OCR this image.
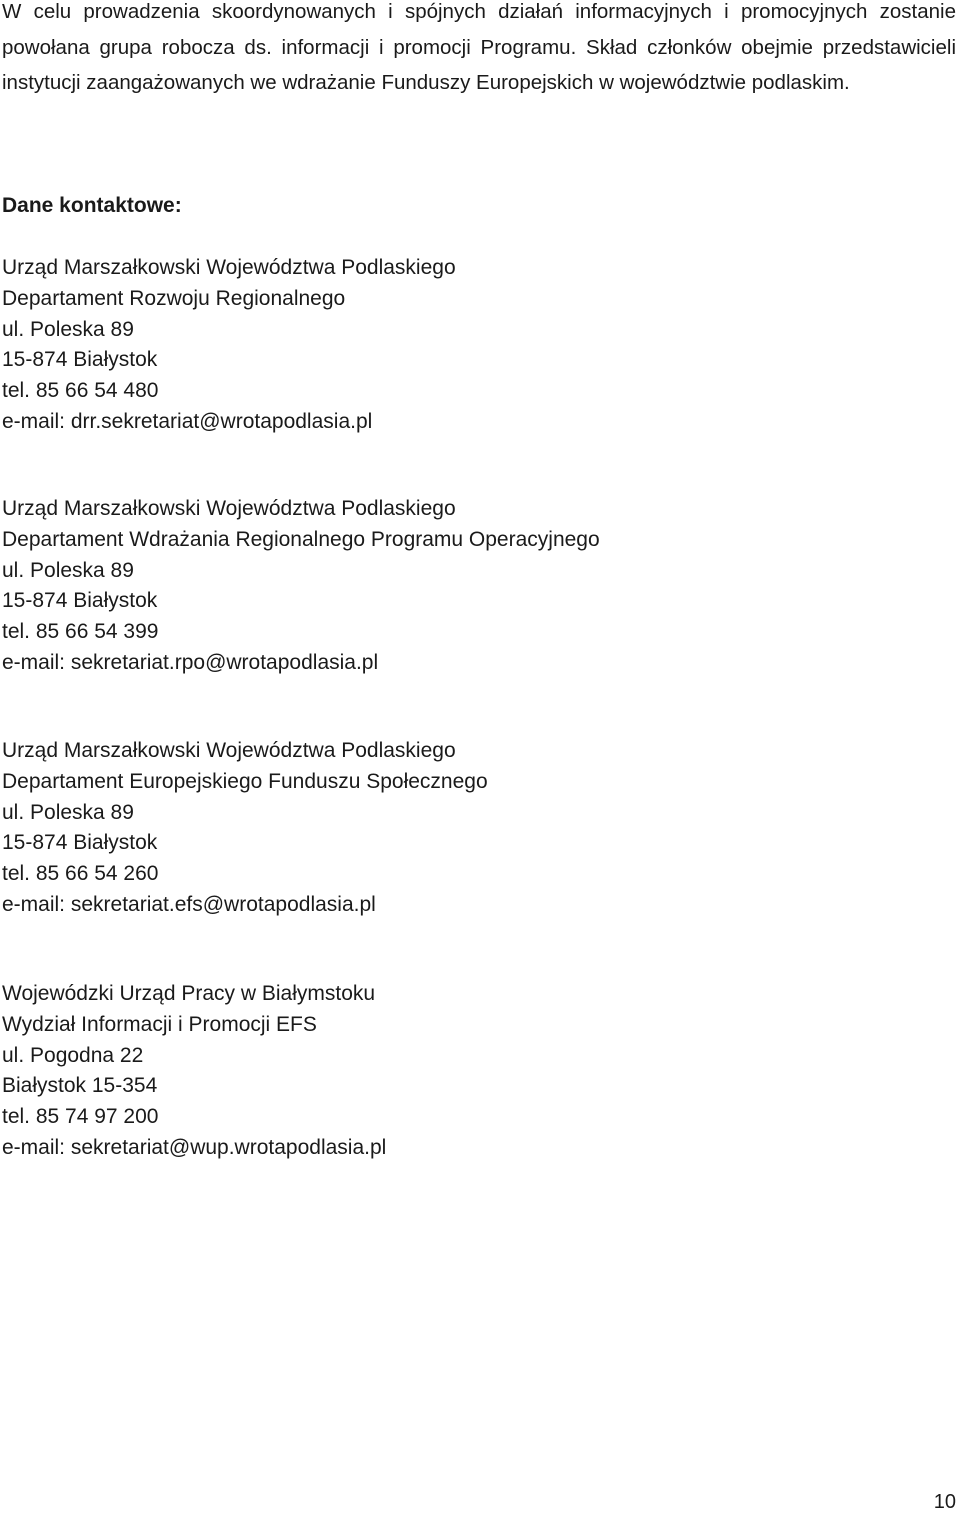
W celu prowadzenia skoordynowanych i spójnych działań informacyjnych i promocyjnych zostanie powołana grupa robocza ds. informacji i promocji Programu. Skład członków obejmie przedstawicieli instytucji zaangażowanych we wdrażanie Funduszy Europejskich w województwie podlaskim.

Dane kontaktowe:

Urząd Marszałkowski Województwa Podlaskiego
Departament Rozwoju Regionalnego
ul. Poleska 89
15-874 Białystok
tel. 85 66 54 480
e-mail: drr.sekretariat@wrotapodlasia.pl
Urząd Marszałkowski Województwa Podlaskiego
Departament Wdrażania Regionalnego Programu Operacyjnego
ul. Poleska 89
15-874 Białystok
tel. 85 66 54 399
e-mail: sekretariat.rpo@wrotapodlasia.pl
Urząd Marszałkowski Województwa Podlaskiego
Departament Europejskiego Funduszu Społecznego
ul. Poleska 89
15-874 Białystok
tel. 85 66 54 260
e-mail: sekretariat.efs@wrotapodlasia.pl
Wojewódzki Urząd Pracy w Białymstoku
Wydział Informacji i Promocji EFS
ul. Pogodna 22
Białystok 15-354
tel. 85 74 97 200
e-mail: sekretariat@wup.wrotapodlasia.pl

10
